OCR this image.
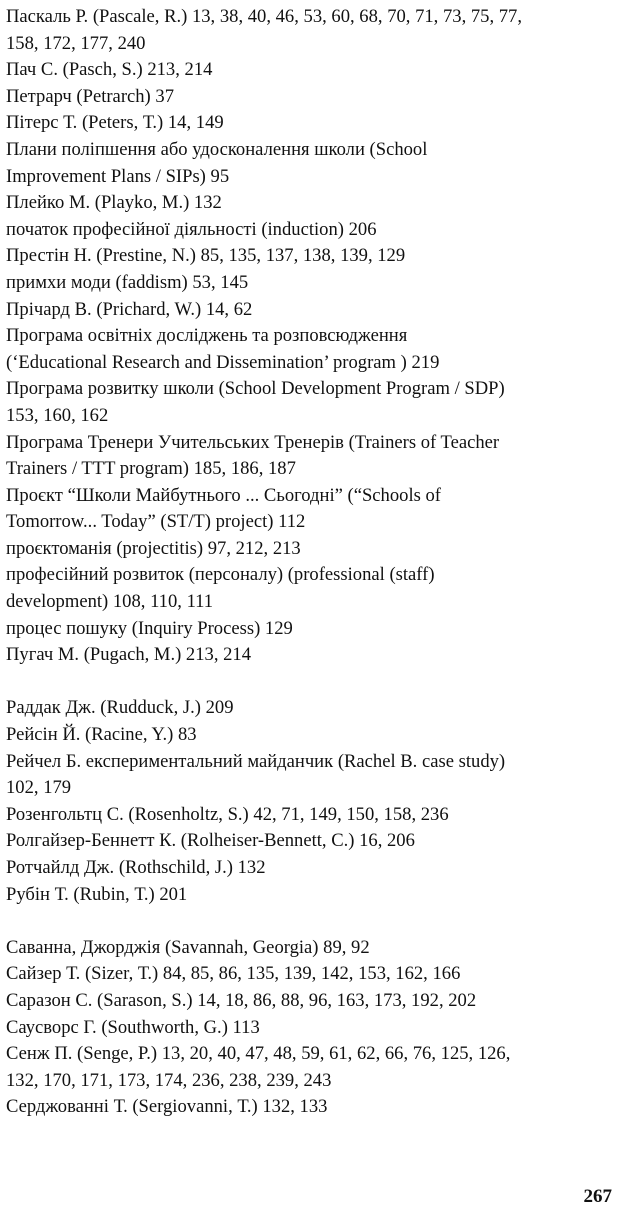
Паскаль Р. (Pascale, R.) 13, 38, 40, 46, 53, 60, 68, 70, 71, 73, 75, 77,
158, 172, 177, 240
Пач С. (Pasch, S.) 213, 214
Петрарч (Petrarch) 37
Пітерс Т. (Peters, Т.) 14, 149
Плани поліпшення або удосконалення школи (School
Improvement Plans / SIPs) 95
Плейко М. (Playko, М.) 132
початок професійної діяльності (induction) 206
Престін Н. (Prestine, N.) 85, 135, 137, 138, 139, 129
примхи моди (faddism) 53, 145
Прічард В. (Prichard, W.) 14, 62
Програма освітніх досліджень та розповсюдження
(‘Educational Research and Dissemination’ program ) 219
Програма розвитку школи (School Development Program / SDP)
153, 160, 162
Програма Тренери Учительських Тренерів (Trainers of Teacher
Trainers / TTT program) 185, 186, 187
Проєкт “Школи Майбутнього ... Сьогодні” (“Schools of
Tomorrow... Today” (ST/T) project) 112
проєктоманія (projectitis) 97, 212, 213
професійний розвиток (персоналу) (professional (staff)
development) 108, 110, 111
процес пошуку (Inquiry Process) 129
Пугач М. (Pugach, М.) 213, 214
Раддак Дж. (Rudduck, J.) 209
Рейсін Й. (Racine, Y.) 83
Рейчел Б. експериментальний майданчик (Rachel B. case study)
102, 179
Розенгольтц С. (Rosenholtz, S.) 42, 71, 149, 150, 158, 236
Ролгайзер-Беннетт К. (Rolheiser-Bennett, С.) 16, 206
Ротчайлд Дж. (Rothschild, J.) 132
Рубін Т. (Rubin, Т.) 201
Саванна, Джорджія (Savannah, Georgia) 89, 92
Сайзер Т. (Sizer, Т.) 84, 85, 86, 135, 139, 142, 153, 162, 166
Саразон С. (Sarason, S.) 14, 18, 86, 88, 96, 163, 173, 192, 202
Саусворс Г. (Southworth, G.) 113
Сенж П. (Senge, P.) 13, 20, 40, 47, 48, 59, 61, 62, 66, 76, 125, 126,
132, 170, 171, 173, 174, 236, 238, 239, 243
Серджованні Т. (Sergiovanni, Т.) 132, 133
267
